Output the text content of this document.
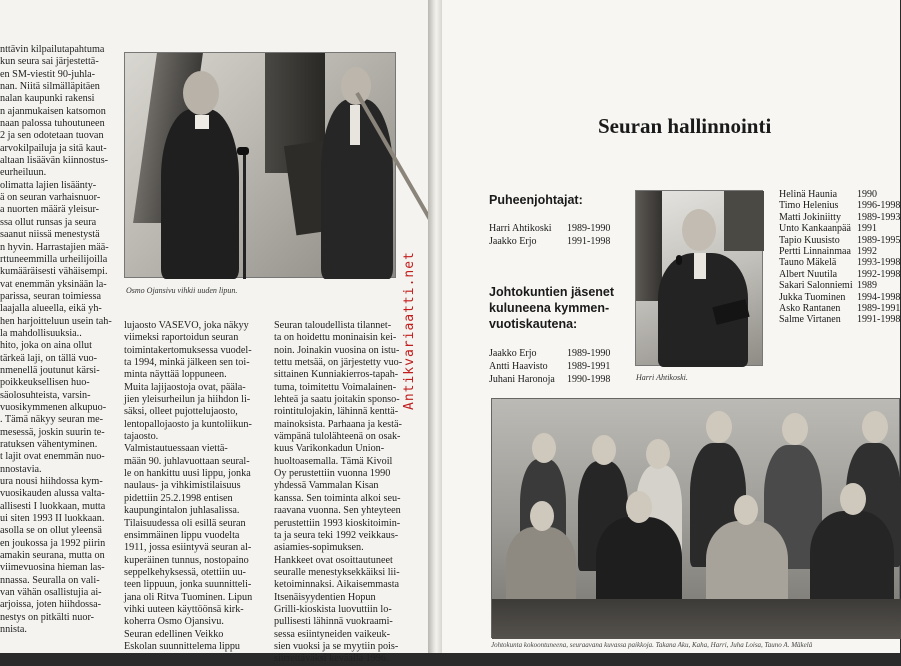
nttävin kilpailutapahtuma
kun seura sai järjestettä-
en SM-viestit 90-juhla-
nan. Niitä silmälläpitäen
nalan kaupunki rakensi
n ajanmukaisen katsomon
naan palossa tuhoutuneen
2 ja sen odotetaan tuovan
arvokilpailuja ja sitä kaut-
altaan lisäävän kiinnostus-
eurheiluun.
olimatta lajien lisäänty-
ä on seuran varhaisnuor-
a nuorten määrä yleisur-
ssa ollut runsas ja seura
saanut niissä menestystä
n hyvin. Harrastajien mää-
rttuneemmilla urheilijoilla
kumääräisesti vähäisempi.
vat enemmän yksinään la-
parissa, seuran toimiessa
laajalla alueella, eikä yh-
hen harjoitteluun usein tah-
la mahdollisuuksia..
hito, joka on aina ollut
tärkeä laji, on tällä vuo-
nmenellä joutunut kärsi-
poikkeuksellisen huo-
säolosuhteista, varsin-
vuosikymmenen alkupuo-
. Tämä näkyy seuran me-
mesessä, joskin suurin te-
ratuksen vähentyminen.
t lajit ovat enemmän nuo-
nnostavia.
ura nousi hiihdossa kym-
vuosikauden alussa valta-
allisesti I luokkaan, mutta
ui siten 1993 II luokkaan.
asolla se on ollut yleensä
en joukossa ja 1992 piirin
amakin seurana, mutta on
viimevuosina hieman las-
nnassa. Seuralla on vali-
van vähän osallistujia ai-
arjoissa, joten hiihdossa-
nestys on pitkälti nuor-
nnista.
Osmo Ojansivu vihkii uuden lipun.
lujaosto VASEVO, joka näkyy
viimeksi raportoidun seuran
toimintakertomuksessa vuodel-
ta 1994, minkä jälkeen sen toi-
minta näyttää loppuneen.
Muita lajijaostoja ovat, pääla-
jien yleisurheilun ja hiihdon li-
säksi, olleet pujottelujaosto,
lentopallojaosto ja kuntoliikun-
tajaosto.
Valmistautuessaan viettä-
mään 90. juhlavuottaan seural-
le on hankittu uusi lippu, jonka
naulaus- ja vihkimistilaisuus
pidettiin 25.2.1998 entisen
kaupungintalon juhlasalissa.
Tilaisuudessa oli esillä seuran
ensimmäinen lippu vuodelta
1911, jossa esiintyvä seuran al-
kuperäinen tunnus, nostopaino
seppelkehyksessä, otettiin uu-
teen lippuun, jonka suunnitteli-
jana oli Ritva Tuominen. Lipun
vihki uuteen käyttöönsä kirk-
koherra Osmo Ojansivu.
Seuran edellinen Veikko
Eskolan suunnittelema lippu
Seuran taloudellista tilannet-
ta on hoidettu moninaisin kei-
noin. Joinakin vuosina on istu-
tettu metsää, on järjestetty vuo-
sittainen Kunniakierros-tapah-
tuma, toimitettu Voimalainen-
lehteä ja saatu joitakin sponso-
rointitulojakin, lähinnä kenttä-
mainoksista. Parhaana ja kestä-
vämpänä tulolähteenä on osak-
kuus Varikonkadun Union-
huoltoasemalla. Tämä Kivoil
Oy perustettiin vuonna 1990
yhdessä Vammalan Kisan
kanssa. Sen toiminta alkoi seu-
raavana vuonna. Sen yhteyteen
perustettiin 1993 kioskitoimin-
ta ja seura teki 1992 veikkaus-
asiamies-sopimuksen.
Hankkeet ovat osoittautuneet
seuralle menestyksekkäiksi lii-
ketoiminnaksi. Aikaisemmasta
Itsenäisyydentien Hopun
Grilli-kioskista luovuttiin lo-
pullisesti lähinnä vuokraami-
sessa esiintyneiden vaikeuk-
sien vuoksi ja se myytiin pois-
siirrettäväksi keväällä 1996.
Antikvariaatti.net
Seuran hallinnointi
Puheenjohtajat:
Harri Ahtikoski	1989-1990
Jaakko Erjo	1991-1998
Johtokuntien jäsenet kuluneena kymmen-vuotiskautena:
Jaakko Erjo	1989-1990
Antti Haavisto	1989-1991
Juhani Haronoja	1990-1998	Harri Ahtikoski.
Helinä Haunia	1990
Timo Helenius	1996-1998
Matti Jokiniitty	1989-1993
Unto Kankaanpää 1991
Tapio Kuusisto	1989-1995
Pertti Linnainmaa 1992
Tauno Mäkelä	1993-1998
Albert Nuutila	1992-1998
Sakari Salonniemi 1989
Jukka Tuominen	1994-1998
Asko Rantanen	1989-1991
Salme Virtanen	1991-1998
Johtokunta kokoontuneena, seuraavana kuvassa paikkoja. Takana Aku, Kaha, Harri, Juha Loisa, Tauno A. Mäkelä
